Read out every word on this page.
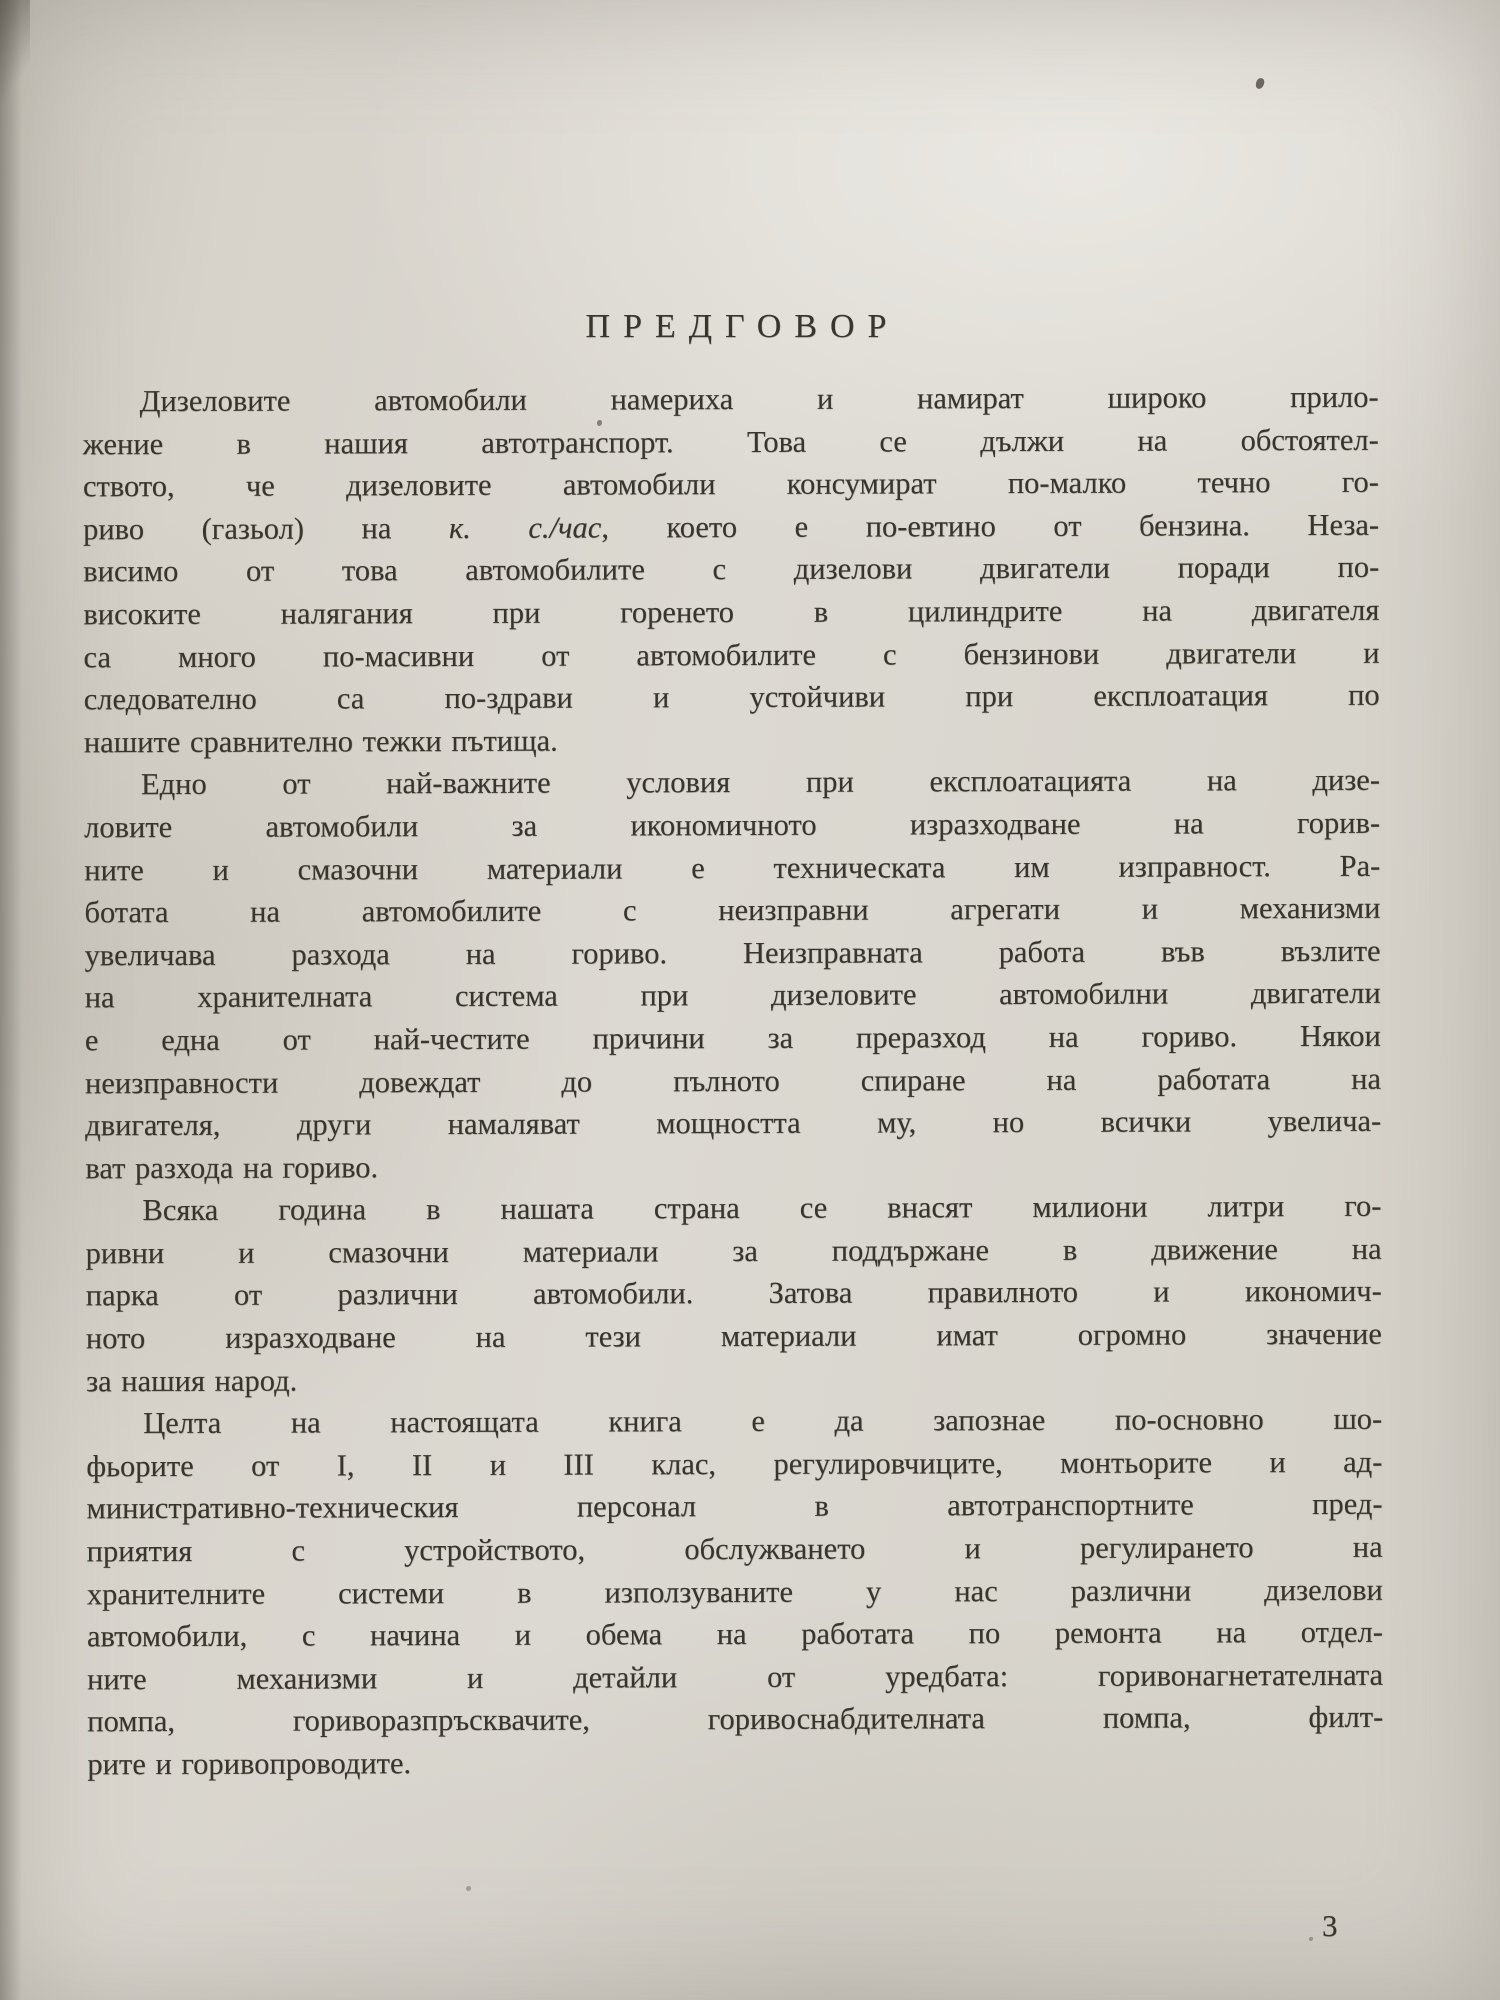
ПРЕДГОВОР
Дизеловите автомобили намериха и намират широко прило-
жение в нашия автотранспорт. Това се дължи на обстоятел-
ството, че дизеловите автомобили консумират по-малко течно го-
риво (газьол) на к. с./час, което е по-евтино от бензина. Неза-
висимо от това автомобилите с дизелови двигатели поради по-
високите налягания при горенето в цилиндрите на двигателя
са много по-масивни от автомобилите с бензинови двигатели и
следователно са по-здрави и устойчиви при експлоатация по
нашите сравнително тежки пътища.
Едно от най-важните условия при експлоатацията на дизе-
ловите автомобили за икономичното изразходване на горив-
ните и смазочни материали е техническата им изправност. Ра-
ботата на автомобилите с неизправни агрегати и механизми
увеличава разхода на гориво. Неизправната работа във възлите
на хранителната система при дизеловите автомобилни двигатели
е една от най-честите причини за преразход на гориво. Някои
неизправности довеждат до пълното спиране на работата на
двигателя, други намаляват мощността му, но всички увелича-
ват разхода на гориво.
Всяка година в нашата страна се внасят милиони литри го-
ривни и смазочни материали за поддържане в движение на
парка от различни автомобили. Затова правилното и икономич-
ното изразходване на тези материали имат огромно значение
за нашия народ.
Целта на настоящата книга е да запознае по-основно шо-
фьорите от I, II и III клас, регулировчиците, монтьорите и ад-
министративно-техническия персонал в автотранспортните пред-
приятия с устройството, обслужването и регулирането на
хранителните системи в използуваните у нас различни дизелови
автомобили, с начина и обема на работата по ремонта на отдел-
ните механизми и детайли от уредбата: горивонагнетателната
помпа, гориворазпръсквачите, горивоснабдителната помпа, филт-
рите и горивопроводите.
3
